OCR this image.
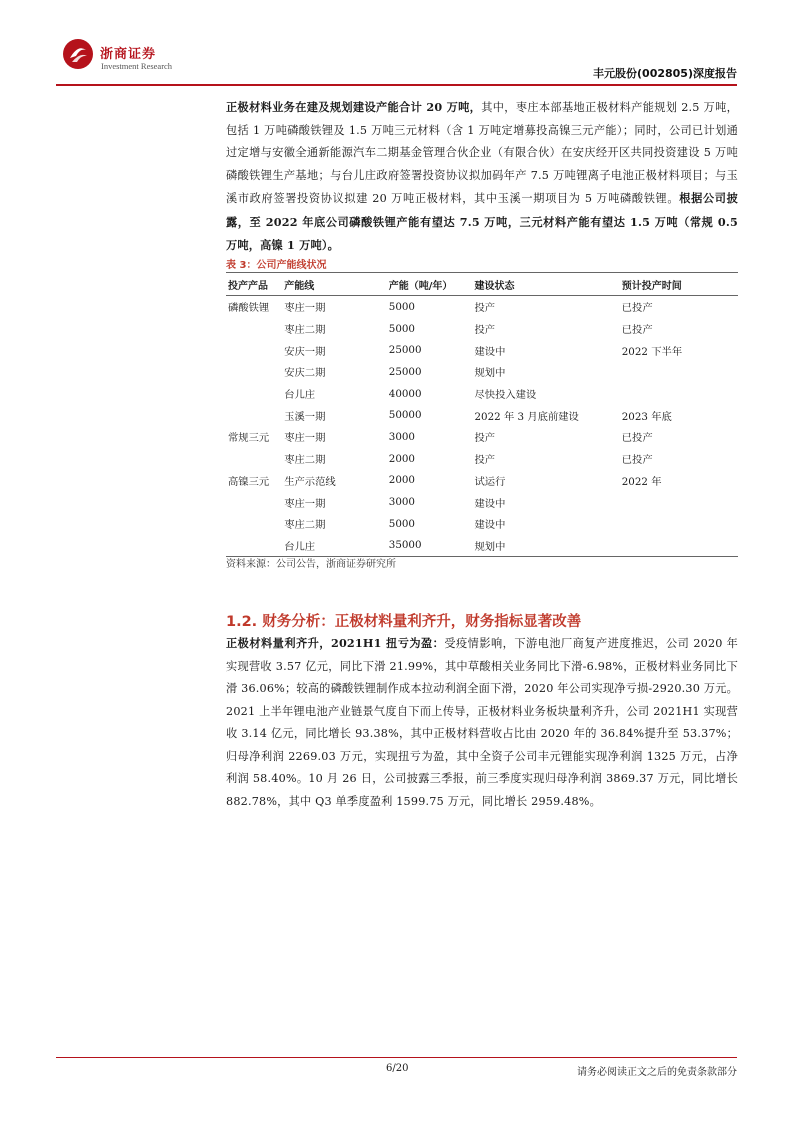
浙商证券
Investment Research
丰元股份(002805)深度报告

正极材料业务在建及规划建设产能合计 20 万吨，其中，枣庄本部基地正极材料产能规划 2.5 万吨，包括 1 万吨磷酸铁锂及 1.5 万吨三元材料（含 1 万吨定增募投高镍三元产能）；同时，公司已计划通过定增与安徽全通新能源汽车二期基金管理合伙企业（有限合伙）在安庆经开区共同投资建设 5 万吨磷酸铁锂生产基地；与台儿庄政府签署投资协议拟加码年产 7.5 万吨锂离子电池正极材料项目；与玉溪市政府签署投资协议拟建 20 万吨正极材料，其中玉溪一期项目为 5 万吨磷酸铁锂。根据公司披露，至 2022 年底公司磷酸铁锂产能有望达 7.5 万吨，三元材料产能有望达 1.5 万吨（常规 0.5 万吨，高镍 1 万吨）。

表 3：公司产能线状况
投产产品	产能线	产能（吨/年）	建设状态	预计投产时间
磷酸铁锂	枣庄一期	5000	投产	已投产
	枣庄二期	5000	投产	已投产
	安庆一期	25000	建设中	2022 下半年
	安庆二期	25000	规划中	
	台儿庄	40000	尽快投入建设	
	玉溪一期	50000	2022 年 3 月底前建设	2023 年底
常规三元	枣庄一期	3000	投产	已投产
	枣庄二期	2000	投产	已投产
高镍三元	生产示范线	2000	试运行	2022 年
	枣庄一期	3000	建设中	
	枣庄二期	5000	建设中	
	台儿庄	35000	规划中	
资料来源：公司公告，浙商证券研究所
1.2. 财务分析：正极材料量利齐升，财务指标显著改善

正极材料量利齐升，2021H1 扭亏为盈：受疫情影响，下游电池厂商复产进度推迟，公司 2020 年实现营收 3.57 亿元，同比下滑 21.99%，其中草酸相关业务同比下滑-6.98%，正极材料业务同比下滑 36.06%；较高的磷酸铁锂制作成本拉动利润全面下滑，2020 年公司实现净亏损-2920.30 万元。2021 上半年锂电池产业链景气度自下而上传导，正极材料业务板块量利齐升，公司 2021H1 实现营收 3.14 亿元，同比增长 93.38%，其中正极材料营收占比由 2020 年的 36.84%提升至 53.37%；归母净利润 2269.03 万元，实现扭亏为盈，其中全资子公司丰元锂能实现净利润 1325 万元，占净利润 58.40%。10 月 26 日，公司披露三季报，前三季度实现归母净利润 3869.37 万元，同比增长 882.78%，其中 Q3 单季度盈利 1599.75 万元，同比增长 2959.48%。

6/20	请务必阅读正文之后的免责条款部分
